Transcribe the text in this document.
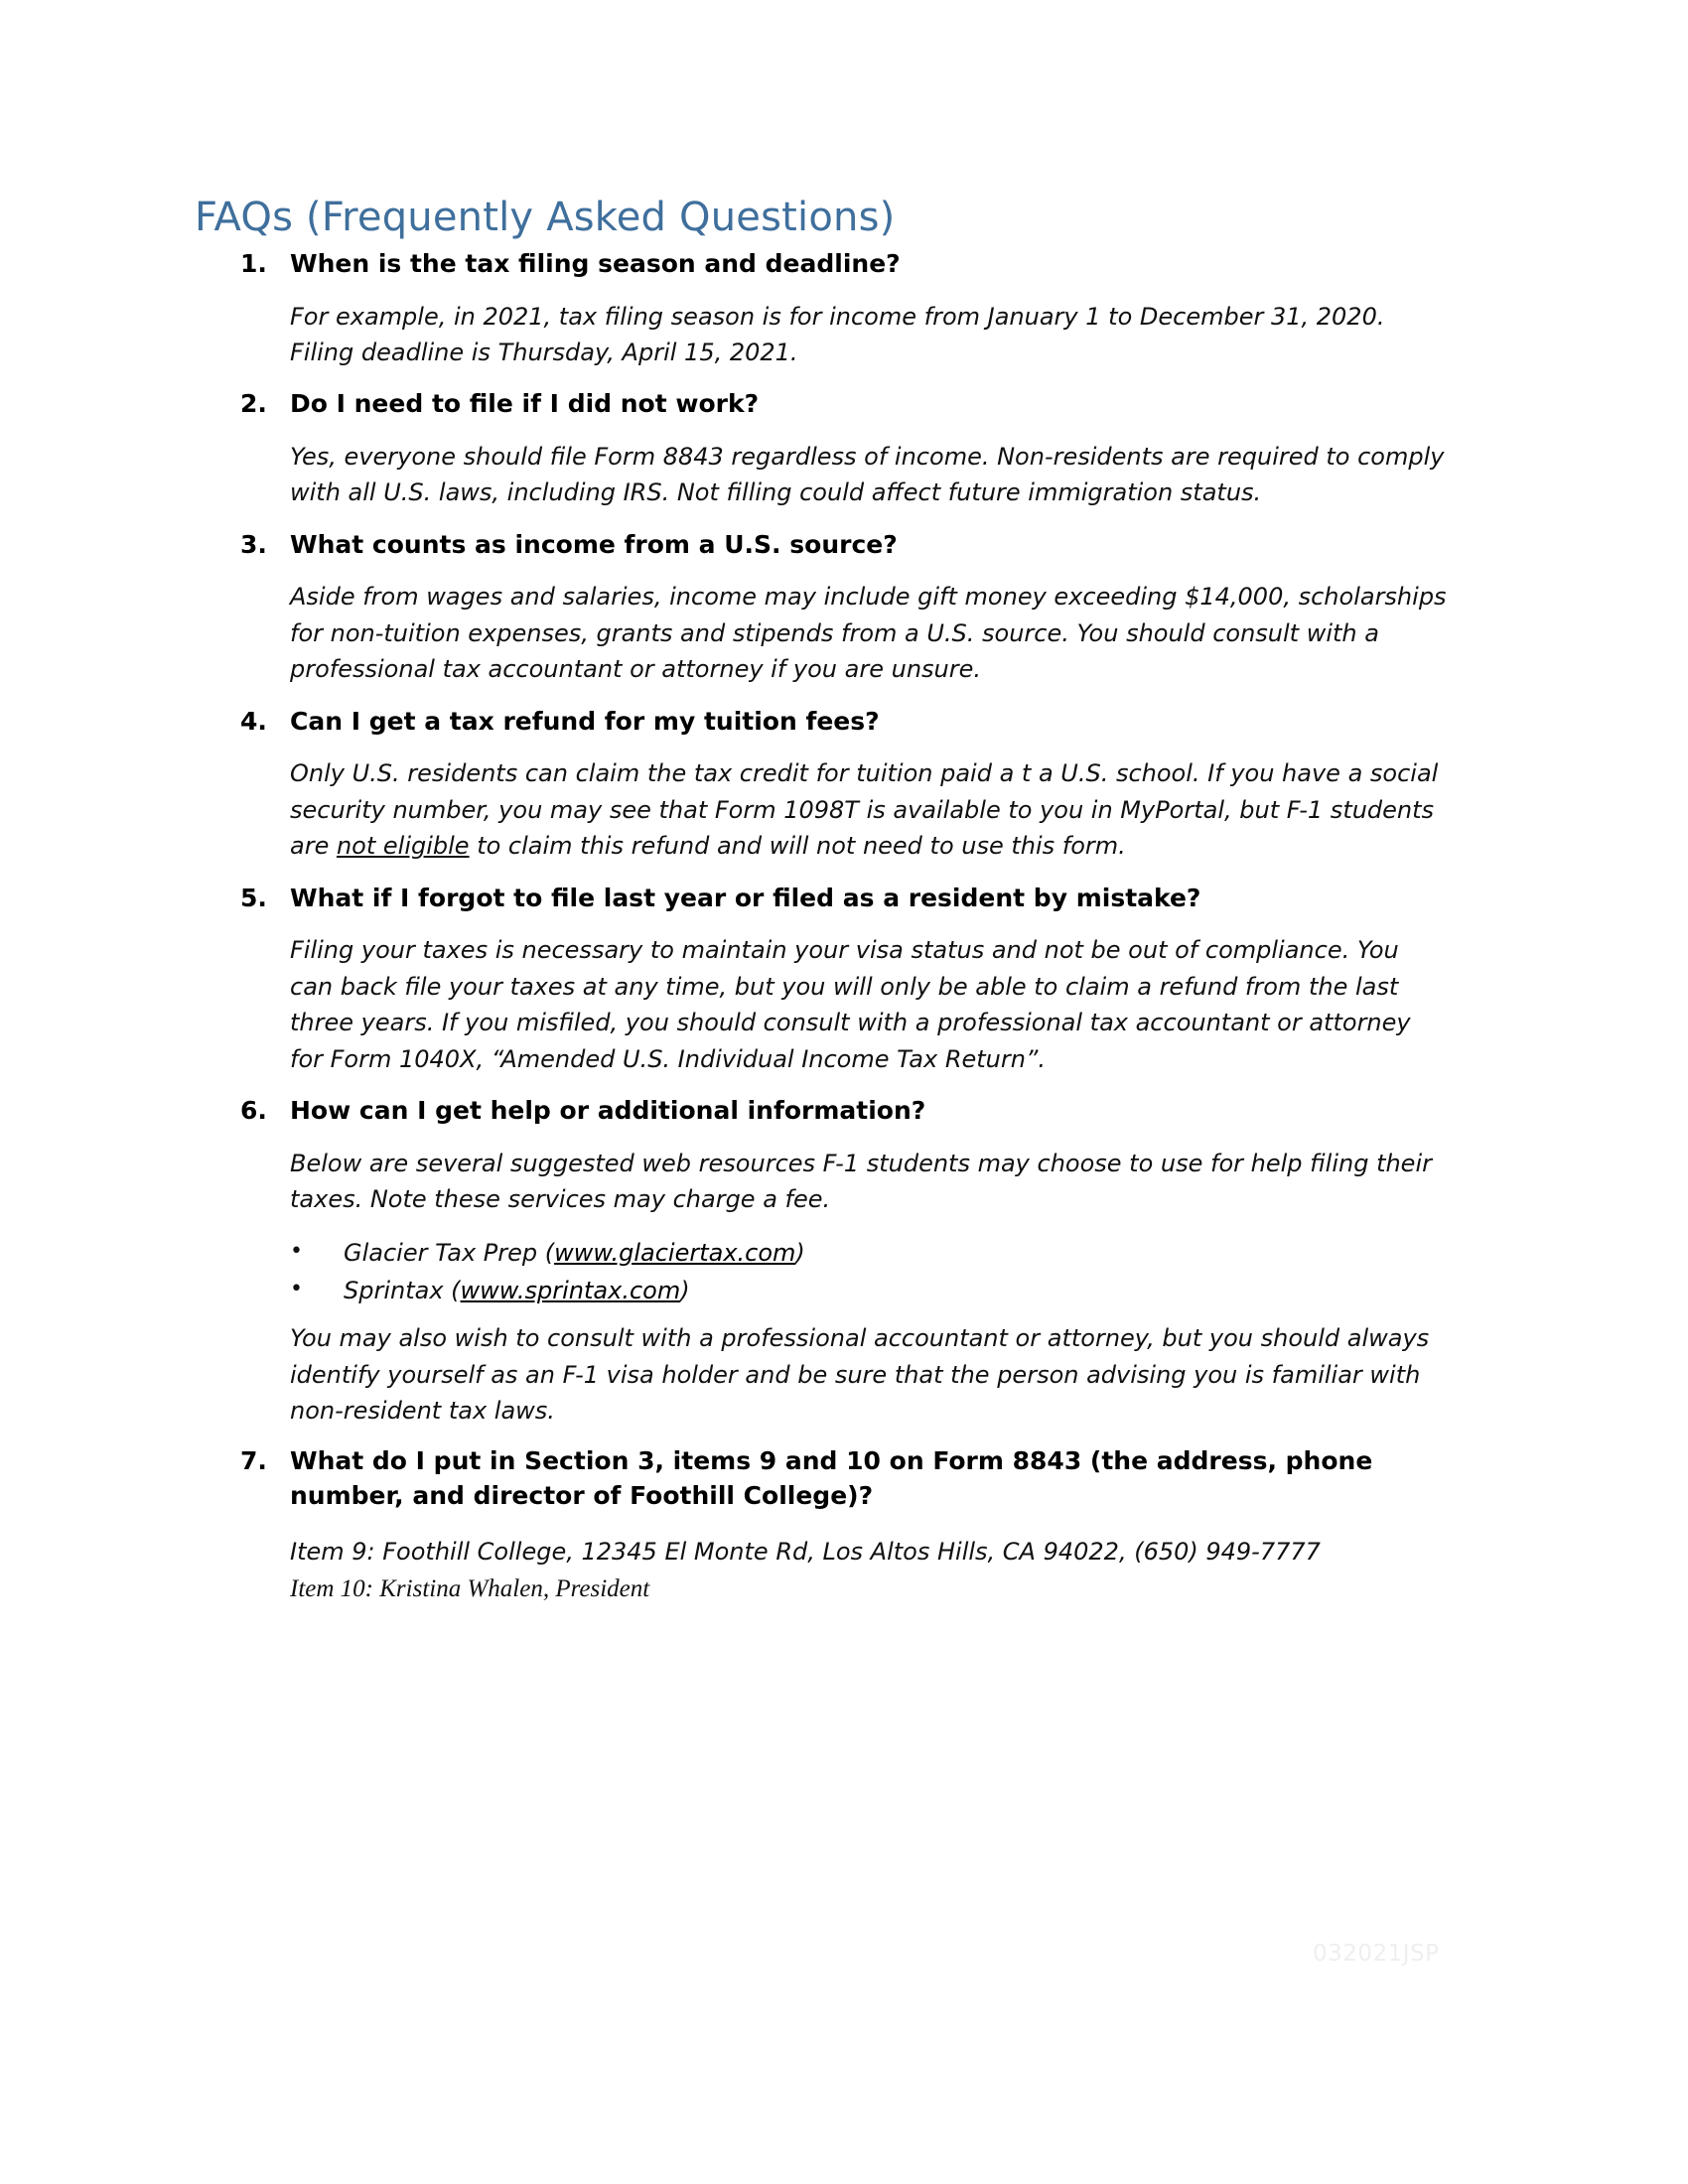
FAQs (Frequently Asked Questions)
1. When is the tax filing season and deadline?

For example, in 2021, tax filing season is for income from January 1 to December 31, 2020. Filing deadline is Thursday, April 15, 2021.

2. Do I need to file if I did not work?

Yes, everyone should file Form 8843 regardless of income. Non-residents are required to comply with all U.S. laws, including IRS. Not filling could affect future immigration status.

3. What counts as income from a U.S. source?

Aside from wages and salaries, income may include gift money exceeding $14,000, scholarships for non-tuition expenses, grants and stipends from a U.S. source. You should consult with a professional tax accountant or attorney if you are unsure.

4. Can I get a tax refund for my tuition fees?

Only U.S. residents can claim the tax credit for tuition paid a t a U.S. school. If you have a social security number, you may see that Form 1098T is available to you in MyPortal, but F-1 students are not eligible to claim this refund and will not need to use this form.

5. What if I forgot to file last year or filed as a resident by mistake?

Filing your taxes is necessary to maintain your visa status and not be out of compliance. You can back file your taxes at any time, but you will only be able to claim a refund from the last three years. If you misfiled, you should consult with a professional tax accountant or attorney for Form 1040X, “Amended U.S. Individual Income Tax Return”.

6. How can I get help or additional information?

Below are several suggested web resources F-1 students may choose to use for help filing their taxes. Note these services may charge a fee.

• Glacier Tax Prep (www.glaciertax.com)
• Sprintax (www.sprintax.com)

You may also wish to consult with a professional accountant or attorney, but you should always identify yourself as an F-1 visa holder and be sure that the person advising you is familiar with non-resident tax laws.

7. What do I put in Section 3, items 9 and 10 on Form 8843 (the address, phone number, and director of Foothill College)?

Item 9: Foothill College, 12345 El Monte Rd, Los Altos Hills, CA 94022, (650) 949-7777
Item 10: Kristina Whalen, President
032021JSP
